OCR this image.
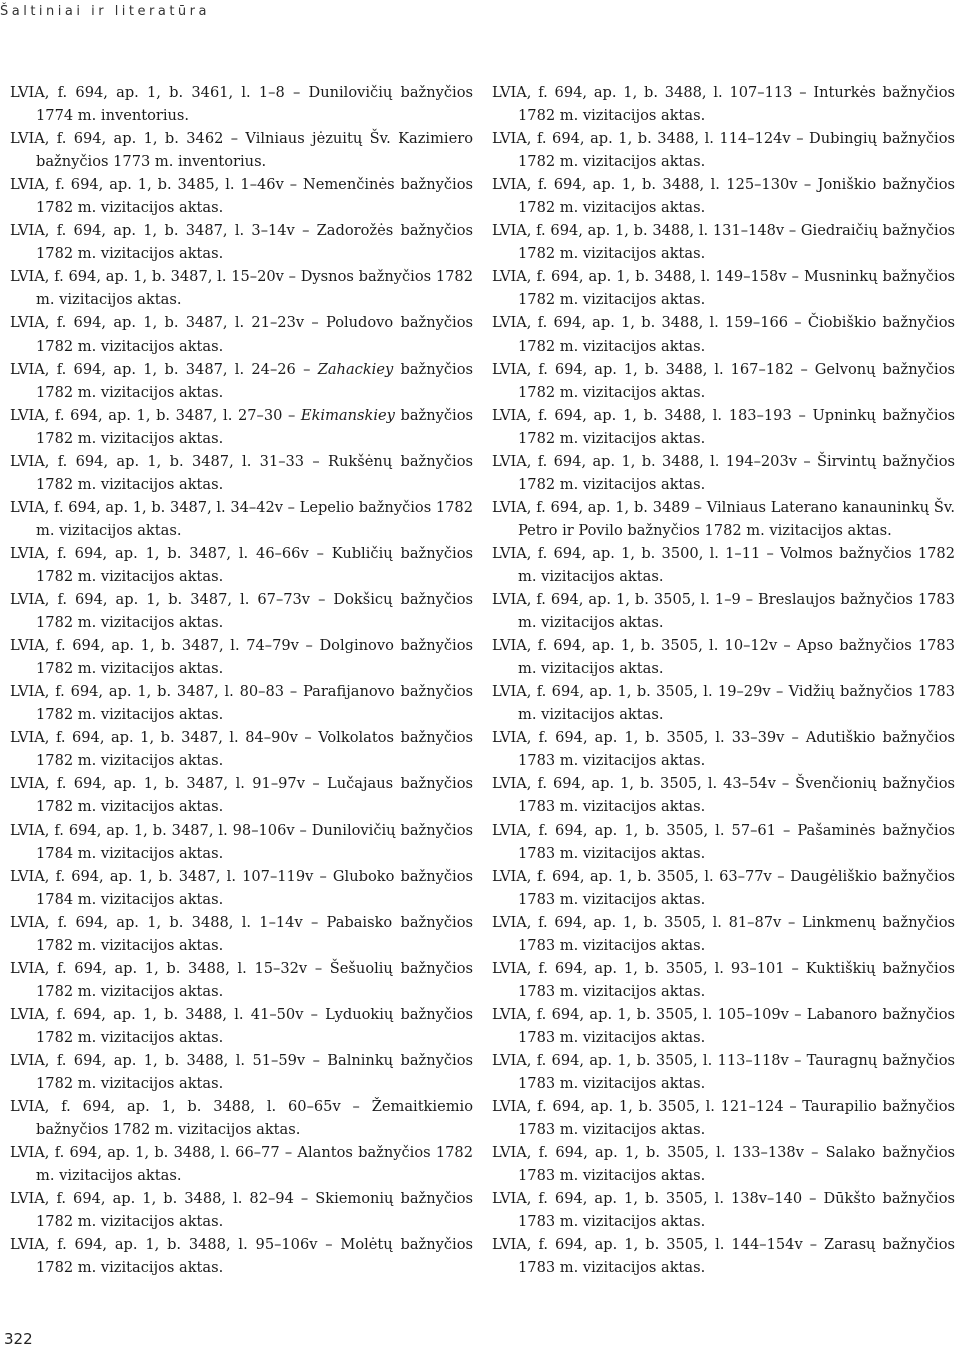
Šaltiniai ir literatūra
LVIA, f. 694, ap. 1, b. 3461, l. 1–8 – Dunilovičių bažnyčios 1774 m. inventorius.
LVIA, f. 694, ap. 1, b. 3462 – Vilniaus jėzuitų Šv. Kazimiero bažnyčios 1773 m. inventorius.
LVIA, f. 694, ap. 1, b. 3485, l. 1–46v – Nemenčinės bažnyčios 1782 m. vizitacijos aktas.
LVIA, f. 694, ap. 1, b. 3487, l. 3–14v – Zadorožės bažnyčios 1782 m. vizitacijos aktas.
LVIA, f. 694, ap. 1, b. 3487, l. 15–20v – Dysnos bažnyčios 1782 m. vizitacijos aktas.
LVIA, f. 694, ap. 1, b. 3487, l. 21–23v – Poludovo bažnyčios 1782 m. vizitacijos aktas.
LVIA, f. 694, ap. 1, b. 3487, l. 24–26 – Zahackiey bažnyčios 1782 m. vizitacijos aktas.
LVIA, f. 694, ap. 1, b. 3487, l. 27–30 – Ekimanskiey bažnyčios 1782 m. vizitacijos aktas.
LVIA, f. 694, ap. 1, b. 3487, l. 31–33 – Rukšėnų bažnyčios 1782 m. vizitacijos aktas.
LVIA, f. 694, ap. 1, b. 3487, l. 34–42v – Lepelio bažnyčios 1782 m. vizitacijos aktas.
LVIA, f. 694, ap. 1, b. 3487, l. 46–66v – Kubličių bažnyčios 1782 m. vizitacijos aktas.
LVIA, f. 694, ap. 1, b. 3487, l. 67–73v – Dokšicų bažnyčios 1782 m. vizitacijos aktas.
LVIA, f. 694, ap. 1, b. 3487, l. 74–79v – Dolginovo bažnyčios 1782 m. vizitacijos aktas.
LVIA, f. 694, ap. 1, b. 3487, l. 80–83 – Parafijanovo bažnyčios 1782 m. vizitacijos aktas.
LVIA, f. 694, ap. 1, b. 3487, l. 84–90v – Volkolatos bažnyčios 1782 m. vizitacijos aktas.
LVIA, f. 694, ap. 1, b. 3487, l. 91–97v – Lučajaus bažnyčios 1782 m. vizitacijos aktas.
LVIA, f. 694, ap. 1, b. 3487, l. 98–106v – Dunilovičių bažnyčios 1784 m. vizitacijos aktas.
LVIA, f. 694, ap. 1, b. 3487, l. 107–119v – Gluboko bažnyčios 1784 m. vizitacijos aktas.
LVIA, f. 694, ap. 1, b. 3488, l. 1–14v – Pabaisko bažnyčios 1782 m. vizitacijos aktas.
LVIA, f. 694, ap. 1, b. 3488, l. 15–32v – Šešuolių bažnyčios 1782 m. vizitacijos aktas.
LVIA, f. 694, ap. 1, b. 3488, l. 41–50v – Lyduokių bažnyčios 1782 m. vizitacijos aktas.
LVIA, f. 694, ap. 1, b. 3488, l. 51–59v – Balninkų bažnyčios 1782 m. vizitacijos aktas.
LVIA, f. 694, ap. 1, b. 3488, l. 60–65v – Žemaitkiemio bažnyčios 1782 m. vizitacijos aktas.
LVIA, f. 694, ap. 1, b. 3488, l. 66–77 – Alantos bažnyčios 1782 m. vizitacijos aktas.
LVIA, f. 694, ap. 1, b. 3488, l. 82–94 – Skiemonių bažnyčios 1782 m. vizitacijos aktas.
LVIA, f. 694, ap. 1, b. 3488, l. 95–106v – Molėtų bažnyčios 1782 m. vizitacijos aktas.
LVIA, f. 694, ap. 1, b. 3488, l. 107–113 – Inturkės bažnyčios 1782 m. vizitacijos aktas.
LVIA, f. 694, ap. 1, b. 3488, l. 114–124v – Dubingių bažnyčios 1782 m. vizitacijos aktas.
LVIA, f. 694, ap. 1, b. 3488, l. 125–130v – Joniškio bažnyčios 1782 m. vizitacijos aktas.
LVIA, f. 694, ap. 1, b. 3488, l. 131–148v – Giedraičių bažnyčios 1782 m. vizitacijos aktas.
LVIA, f. 694, ap. 1, b. 3488, l. 149–158v – Musninkų bažnyčios 1782 m. vizitacijos aktas.
LVIA, f. 694, ap. 1, b. 3488, l. 159–166 – Čiobiškio bažnyčios 1782 m. vizitacijos aktas.
LVIA, f. 694, ap. 1, b. 3488, l. 167–182 – Gelvonų bažnyčios 1782 m. vizitacijos aktas.
LVIA, f. 694, ap. 1, b. 3488, l. 183–193 – Upninkų bažnyčios 1782 m. vizitacijos aktas.
LVIA, f. 694, ap. 1, b. 3488, l. 194–203v – Širvintų bažnyčios 1782 m. vizitacijos aktas.
LVIA, f. 694, ap. 1, b. 3489 – Vilniaus Laterano kanauninkų Šv. Petro ir Povilo bažnyčios 1782 m. vizitacijos aktas.
LVIA, f. 694, ap. 1, b. 3500, l. 1–11 – Volmos bažnyčios 1782 m. vizitacijos aktas.
LVIA, f. 694, ap. 1, b. 3505, l. 1–9 – Breslaujos bažnyčios 1783 m. vizitacijos aktas.
LVIA, f. 694, ap. 1, b. 3505, l. 10–12v – Apso bažnyčios 1783 m. vizitacijos aktas.
LVIA, f. 694, ap. 1, b. 3505, l. 19–29v – Vidžių bažnyčios 1783 m. vizitacijos aktas.
LVIA, f. 694, ap. 1, b. 3505, l. 33–39v – Adutiškio bažnyčios 1783 m. vizitacijos aktas.
LVIA, f. 694, ap. 1, b. 3505, l. 43–54v – Švenčionių bažnyčios 1783 m. vizitacijos aktas.
LVIA, f. 694, ap. 1, b. 3505, l. 57–61 – Pašaminės bažnyčios 1783 m. vizitacijos aktas.
LVIA, f. 694, ap. 1, b. 3505, l. 63–77v – Daugėliškio bažnyčios 1783 m. vizitacijos aktas.
LVIA, f. 694, ap. 1, b. 3505, l. 81–87v – Linkmenų bažnyčios 1783 m. vizitacijos aktas.
LVIA, f. 694, ap. 1, b. 3505, l. 93–101 – Kuktiškių bažnyčios 1783 m. vizitacijos aktas.
LVIA, f. 694, ap. 1, b. 3505, l. 105–109v – Labanoro bažnyčios 1783 m. vizitacijos aktas.
LVIA, f. 694, ap. 1, b. 3505, l. 113–118v – Tauragnų bažnyčios 1783 m. vizitacijos aktas.
LVIA, f. 694, ap. 1, b. 3505, l. 121–124 – Taurapilio bažnyčios 1783 m. vizitacijos aktas.
LVIA, f. 694, ap. 1, b. 3505, l. 133–138v – Salako bažnyčios 1783 m. vizitacijos aktas.
LVIA, f. 694, ap. 1, b. 3505, l. 138v–140 – Dūkšto bažnyčios 1783 m. vizitacijos aktas.
LVIA, f. 694, ap. 1, b. 3505, l. 144–154v – Zarasų bažnyčios 1783 m. vizitacijos aktas.
322
